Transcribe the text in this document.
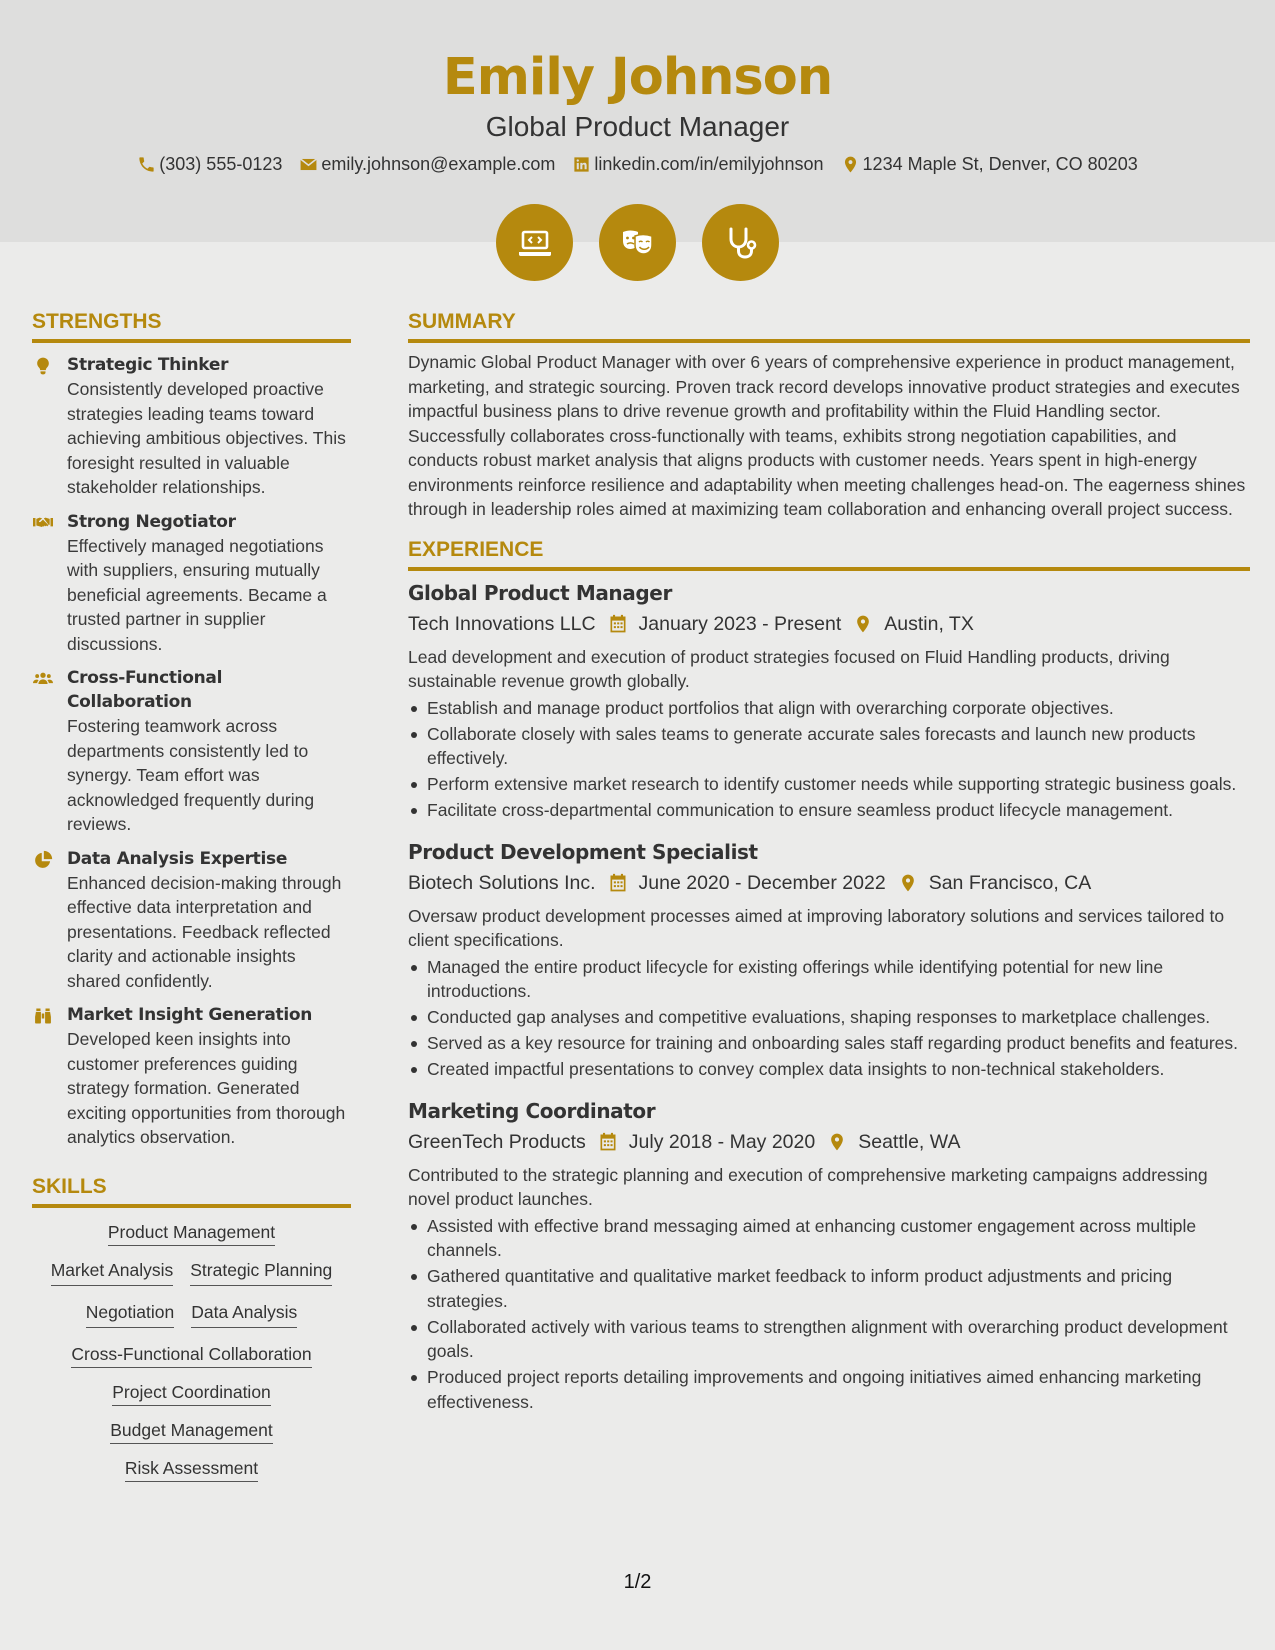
Emily Johnson
Global Product Manager
(303) 555-0123 emily.johnson@example.com linkedin.com/in/emilyjohnson 1234 Maple St, Denver, CO 80203
STRENGTHS
Strategic Thinker
Consistently developed proactive strategies leading teams toward achieving ambitious objectives. This foresight resulted in valuable stakeholder relationships.
Strong Negotiator
Effectively managed negotiations with suppliers, ensuring mutually beneficial agreements. Became a trusted partner in supplier discussions.
Cross-Functional Collaboration
Fostering teamwork across departments consistently led to synergy. Team effort was acknowledged frequently during reviews.
Data Analysis Expertise
Enhanced decision-making through effective data interpretation and presentations. Feedback reflected clarity and actionable insights shared confidently.
Market Insight Generation
Developed keen insights into customer preferences guiding strategy formation. Generated exciting opportunities from thorough analytics observation.
SKILLS
Product Management
Market Analysis Strategic Planning
Negotiation Data Analysis
Cross-Functional Collaboration
Project Coordination
Budget Management
Risk Assessment
SUMMARY
Dynamic Global Product Manager with over 6 years of comprehensive experience in product management, marketing, and strategic sourcing. Proven track record develops innovative product strategies and executes impactful business plans to drive revenue growth and profitability within the Fluid Handling sector. Successfully collaborates cross-functionally with teams, exhibits strong negotiation capabilities, and conducts robust market analysis that aligns products with customer needs. Years spent in high-energy environments reinforce resilience and adaptability when meeting challenges head-on. The eagerness shines through in leadership roles aimed at maximizing team collaboration and enhancing overall project success.
EXPERIENCE
Global Product Manager
Tech Innovations LLC January 2023 - Present Austin, TX
Lead development and execution of product strategies focused on Fluid Handling products, driving sustainable revenue growth globally.
Establish and manage product portfolios that align with overarching corporate objectives.
Collaborate closely with sales teams to generate accurate sales forecasts and launch new products effectively.
Perform extensive market research to identify customer needs while supporting strategic business goals.
Facilitate cross-departmental communication to ensure seamless product lifecycle management.
Product Development Specialist
Biotech Solutions Inc. June 2020 - December 2022 San Francisco, CA
Oversaw product development processes aimed at improving laboratory solutions and services tailored to client specifications.
Managed the entire product lifecycle for existing offerings while identifying potential for new line introductions.
Conducted gap analyses and competitive evaluations, shaping responses to marketplace challenges.
Served as a key resource for training and onboarding sales staff regarding product benefits and features.
Created impactful presentations to convey complex data insights to non-technical stakeholders.
Marketing Coordinator
GreenTech Products July 2018 - May 2020 Seattle, WA
Contributed to the strategic planning and execution of comprehensive marketing campaigns addressing novel product launches.
Assisted with effective brand messaging aimed at enhancing customer engagement across multiple channels.
Gathered quantitative and qualitative market feedback to inform product adjustments and pricing strategies.
Collaborated actively with various teams to strengthen alignment with overarching product development goals.
Produced project reports detailing improvements and ongoing initiatives aimed enhancing marketing effectiveness.
1/2
